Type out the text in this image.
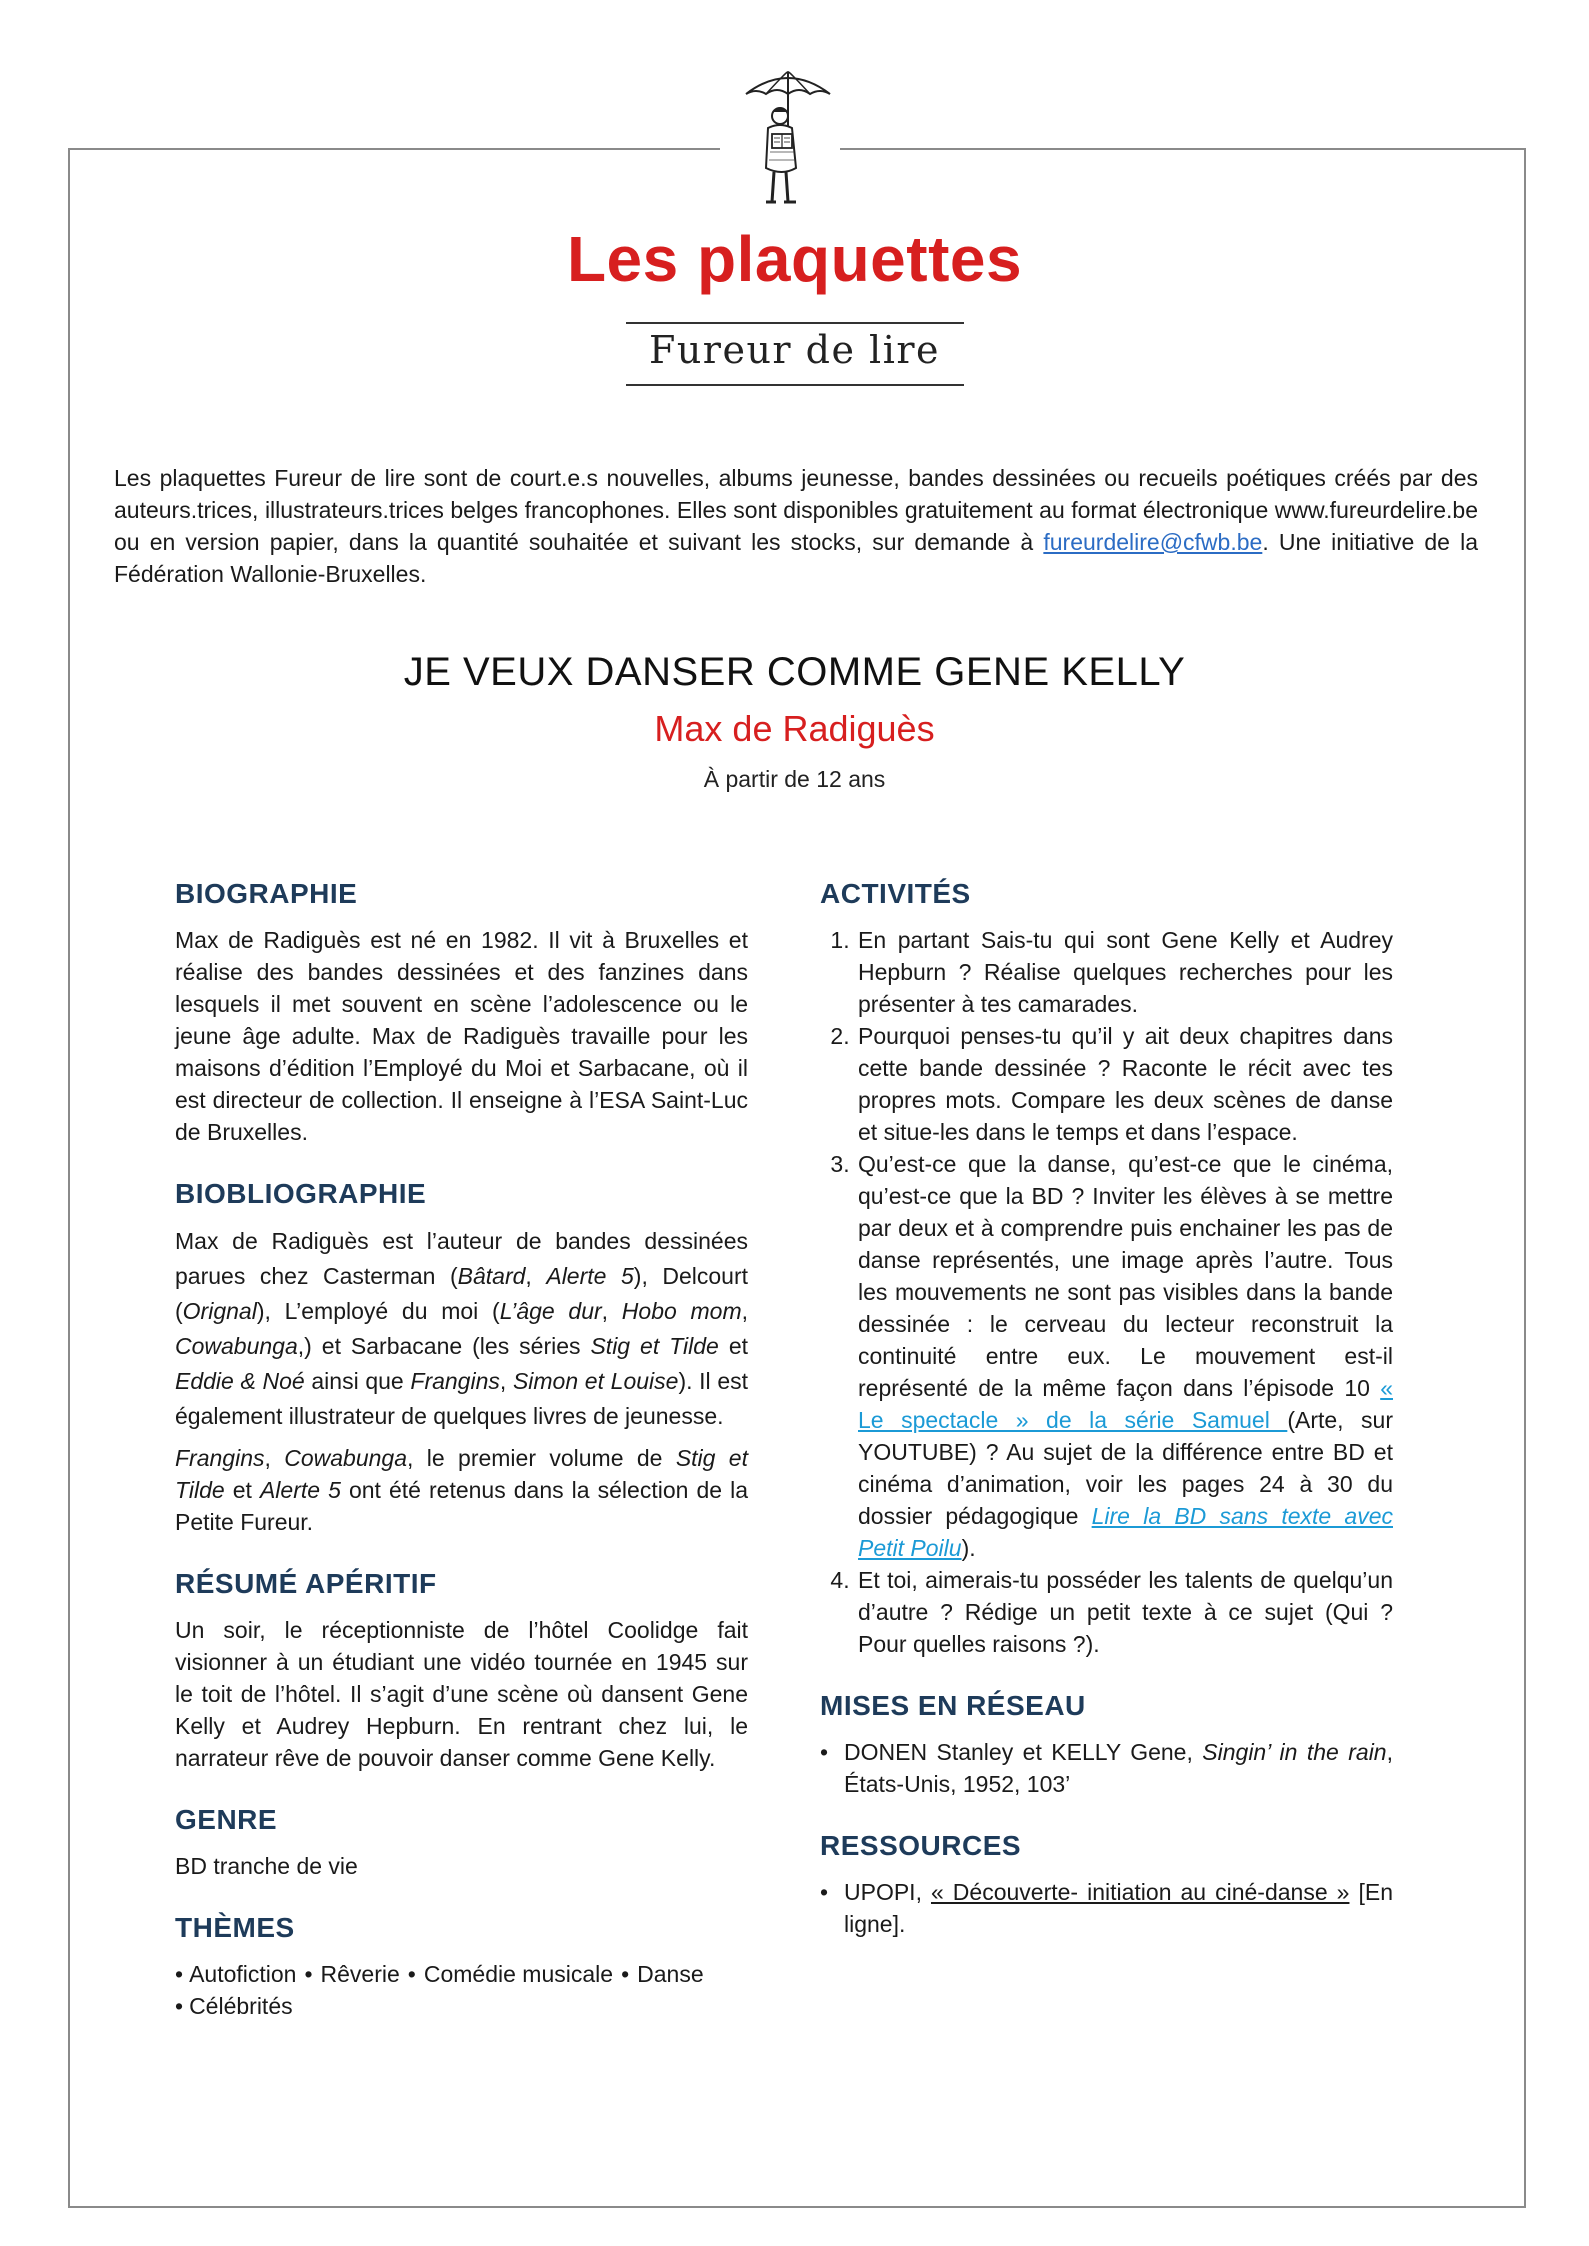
Les plaquettes
Fureur de lire
Les plaquettes Fureur de lire sont de court.e.s nouvelles, albums jeunesse, bandes dessinées ou recueils poétiques créés par des auteurs.trices, illustrateurs.trices belges francophones. Elles sont disponibles gratuitement au format électronique www.fureurdelire.be ou en version papier, dans la quantité souhaitée et suivant les stocks, sur demande à fureurdelire@cfwb.be. Une initiative de la Fédération Wallonie-Bruxelles.
JE VEUX DANSER COMME GENE KELLY
Max de Radiguès
À partir de 12 ans
BIOGRAPHIE

Max de Radiguès est né en 1982. Il vit à Bruxelles et réalise des bandes dessinées et des fanzines dans lesquels il met souvent en scène l’adolescence ou le jeune âge adulte. Max de Radiguès travaille pour les maisons d’édition l’Employé du Moi et Sarbacane, où il est directeur de collection. Il enseigne à l’ESA Saint-Luc de Bruxelles.

BIOBLIOGRAPHIE

Max de Radiguès est l’auteur de bandes dessinées parues chez Casterman (Bâtard, Alerte 5), Delcourt (Orignal), L’employé du moi (L’âge dur, Hobo mom, Cowabunga,) et Sarbacane (les séries Stig et Tilde et Eddie & Noé ainsi que Frangins, Simon et Louise). Il est également illustrateur de quelques livres de jeunesse.

Frangins, Cowabunga, le premier volume de Stig et Tilde et Alerte 5 ont été retenus dans la sélection de la Petite Fureur.

RÉSUMÉ APÉRITIF

Un soir, le réceptionniste de l’hôtel Coolidge fait visionner à un étudiant une vidéo tournée en 1945 sur le toit de l’hôtel. Il s’agit d’une scène où dansent Gene Kelly et Audrey Hepburn. En rentrant chez lui, le narrateur rêve de pouvoir danser comme Gene Kelly.

GENRE

BD tranche de vie

THÈMES
• Autofiction • Rêverie • Comédie musicale • Danse
• Célébrités
ACTIVITÉS
1. En partant Sais-tu qui sont Gene Kelly et Audrey Hepburn ? Réalise quelques recherches pour les présenter à tes camarades.
2. Pourquoi penses-tu qu’il y ait deux chapitres dans cette bande dessinée ? Raconte le récit avec tes propres mots. Compare les deux scènes de danse et situe-les dans le temps et dans l’espace.
3. Qu’est-ce que la danse, qu’est-ce que le cinéma, qu’est-ce que la BD ? Inviter les élèves à se mettre par deux et à comprendre puis enchainer les pas de danse représentés, une image après l’autre. Tous les mouvements ne sont pas visibles dans la bande dessinée : le cerveau du lecteur reconstruit la continuité entre eux. Le mouvement est-il représenté de la même façon dans l’épisode 10 « Le spectacle » de la série Samuel (Arte, sur YOUTUBE) ? Au sujet de la différence entre BD et cinéma d’animation, voir les pages 24 à 30 du dossier pédagogique Lire la BD sans texte avec Petit Poilu).
4. Et toi, aimerais-tu posséder les talents de quelqu’un d’autre ? Rédige un petit texte à ce sujet (Qui ? Pour quelles raisons ?).
MISES EN RÉSEAU
• DONEN Stanley et KELLY Gene, Singin’ in the rain, États-Unis, 1952, 103’
RESSOURCES
• UPOPI, « Découverte- initiation au ciné-danse » [En ligne].
